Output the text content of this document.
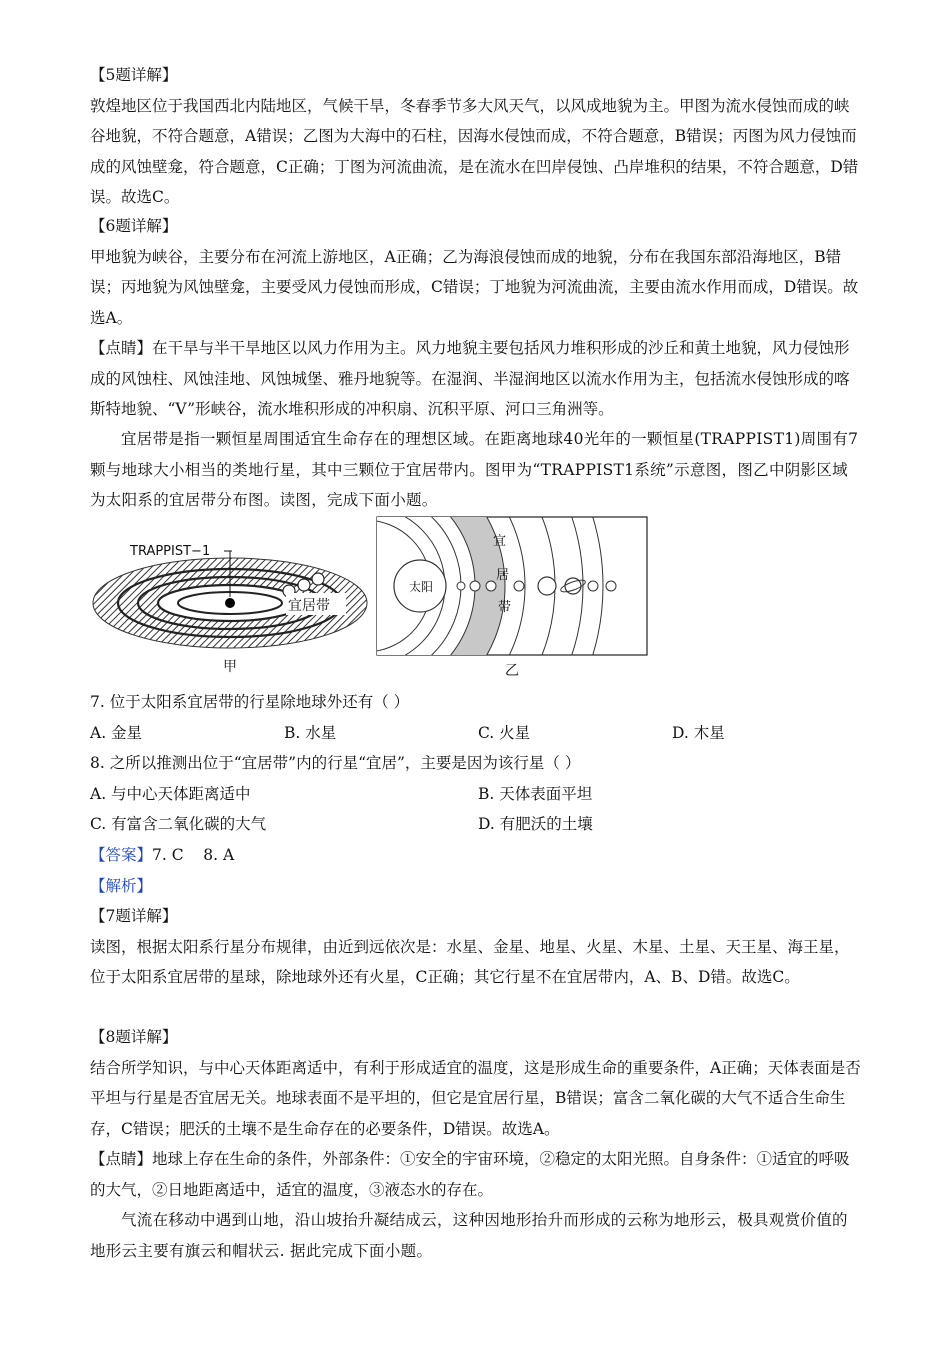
【5题详解】

敦煌地区位于我国西北内陆地区，气候干旱，冬春季节多大风天气，以风成地貌为主。甲图为流水侵蚀而成的峡谷地貌，不符合题意，A错误；乙图为大海中的石柱，因海水侵蚀而成，不符合题意，B错误；丙图为风力侵蚀而成的风蚀壁龛，符合题意，C正确；丁图为河流曲流，是在流水在凹岸侵蚀、凸岸堆积的结果，不符合题意，D错误。故选C。

【6题详解】

甲地貌为峡谷，主要分布在河流上游地区，A正确；乙为海浪侵蚀而成的地貌，分布在我国东部沿海地区，B错误；丙地貌为风蚀壁龛，主要受风力侵蚀而形成，C错误；丁地貌为河流曲流，主要由流水作用而成，D错误。故选A。

【点睛】在干旱与半干旱地区以风力作用为主。风力地貌主要包括风力堆积形成的沙丘和黄土地貌，风力侵蚀形成的风蚀柱、风蚀洼地、风蚀城堡、雅丹地貌等。在湿润、半湿润地区以流水作用为主，包括流水侵蚀形成的喀斯特地貌、“V”形峡谷，流水堆积形成的冲积扇、沉积平原、河口三角洲等。

宜居带是指一颗恒星周围适宜生命存在的理想区域。在距离地球40光年的一颗恒星(TRAPPIST1)周围有7颗与地球大小相当的类地行星，其中三颗位于宜居带内。图甲为“TRAPPIST1系统”示意图，图乙中阴影区域为太阳系的宜居带分布图。读图，完成下面小题。

TRAPPIST−1
宜居带
甲
太阳
宜
居
带
乙

7. 位于太阳系宜居带的行星除地球外还有（ ）

A. 金星	B. 水星	C. 火星	D. 木星

8. 之所以推测出位于“宜居带”内的行星“宜居”，主要是因为该行星（ ）

A. 与中心天体距离适中	B. 天体表面平坦
C. 有富含二氧化碳的大气	D. 有肥沃的土壤

【答案】7. C    8. A

【解析】

【7题详解】

读图，根据太阳系行星分布规律，由近到远依次是：水星、金星、地星、火星、木星、土星、天王星、海王星，位于太阳系宜居带的星球，除地球外还有火星，C正确；其它行星不在宜居带内，A、B、D错。故选C。

【8题详解】

结合所学知识，与中心天体距离适中，有利于形成适宜的温度，这是形成生命的重要条件，A正确；天体表面是否平坦与行星是否宜居无关。地球表面不是平坦的，但它是宜居行星，B错误；富含二氧化碳的大气不适合生命生存，C错误；肥沃的土壤不是生命存在的必要条件，D错误。故选A。

【点睛】地球上存在生命的条件，外部条件：①安全的宇宙环境，②稳定的太阳光照。自身条件：①适宜的呼吸的大气，②日地距离适中，适宜的温度，③液态水的存在。

气流在移动中遇到山地，沿山坡抬升凝结成云，这种因地形抬升而形成的云称为地形云，极具观赏价值的地形云主要有旗云和帽状云. 据此完成下面小题。
